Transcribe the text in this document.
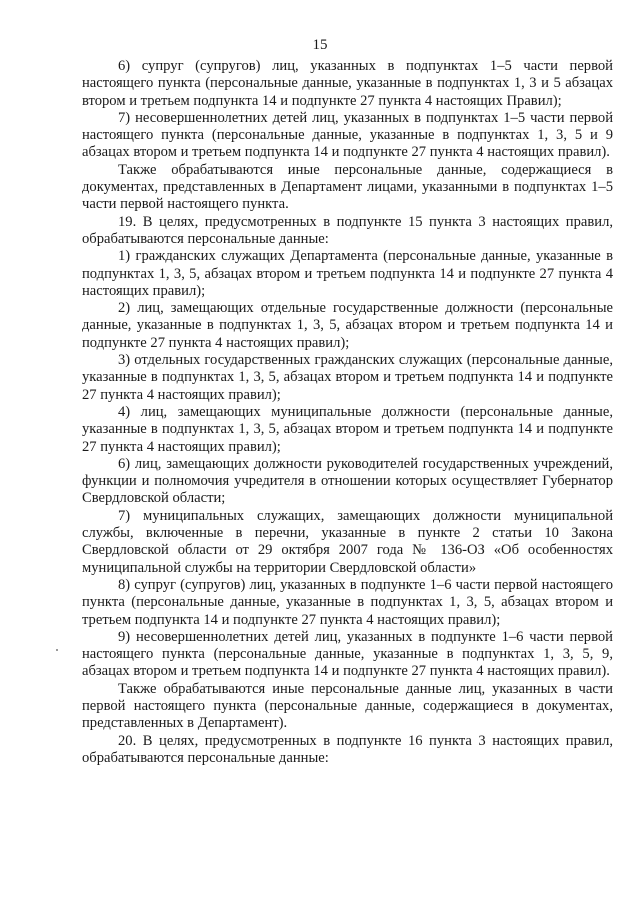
15

6) супруг (супругов) лиц, указанных в подпунктах 1–5 части первой настоящего пункта (персональные данные, указанные в подпунктах 1, 3 и 5 абзацах втором и третьем подпункта 14 и подпункте 27 пункта 4 настоящих Правил);

7) несовершеннолетних детей лиц, указанных в подпунктах 1–5 части первой настоящего пункта (персональные данные, указанные в подпунктах 1, 3, 5 и 9 абзацах втором и третьем подпункта 14 и подпункте 27 пункта 4 настоящих правил).

Также обрабатываются иные персональные данные, содержащиеся в документах, представленных в Департамент лицами, указанными в подпунктах 1–5 части первой настоящего пункта.

19. В целях, предусмотренных в подпункте 15 пункта 3 настоящих правил, обрабатываются персональные данные:

1) гражданских служащих Департамента (персональные данные, указанные в подпунктах 1, 3, 5, абзацах втором и третьем подпункта 14 и подпункте 27 пункта 4 настоящих правил);

2) лиц, замещающих отдельные государственные должности (персональные данные, указанные в подпунктах 1, 3, 5, абзацах втором и третьем подпункта 14 и подпункте 27 пункта 4 настоящих правил);

3) отдельных государственных гражданских служащих (персональные данные, указанные в подпунктах 1, 3, 5, абзацах втором и третьем подпункта 14 и подпункте 27 пункта 4 настоящих правил);

4) лиц, замещающих муниципальные должности (персональные данные, указанные в подпунктах 1, 3, 5, абзацах втором и третьем подпункта 14 и подпункте 27 пункта 4 настоящих правил);

6) лиц, замещающих должности руководителей государственных учреждений, функции и полномочия учредителя в отношении которых осуществляет Губернатор Свердловской области;

7) муниципальных служащих, замещающих должности муниципальной службы, включенные в перечни, указанные в пункте 2 статьи 10 Закона Свердловской области от 29 октября 2007 года № 136-ОЗ «Об особенностях муниципальной службы на территории Свердловской области»

8) супруг (супругов) лиц, указанных в подпункте 1–6 части первой настоящего пункта (персональные данные, указанные в подпунктах 1, 3, 5, абзацах втором и третьем подпункта 14 и подпункте 27 пункта 4 настоящих правил);

9) несовершеннолетних детей лиц, указанных в подпункте 1–6 части первой настоящего пункта (персональные данные, указанные в подпунктах 1, 3, 5, 9, абзацах втором и третьем подпункта 14 и подпункте 27 пункта 4 настоящих правил).

Также обрабатываются иные персональные данные лиц, указанных в части первой настоящего пункта (персональные данные, содержащиеся в документах, представленных в Департамент).

20. В целях, предусмотренных в подпункте 16 пункта 3 настоящих правил, обрабатываются персональные данные:
